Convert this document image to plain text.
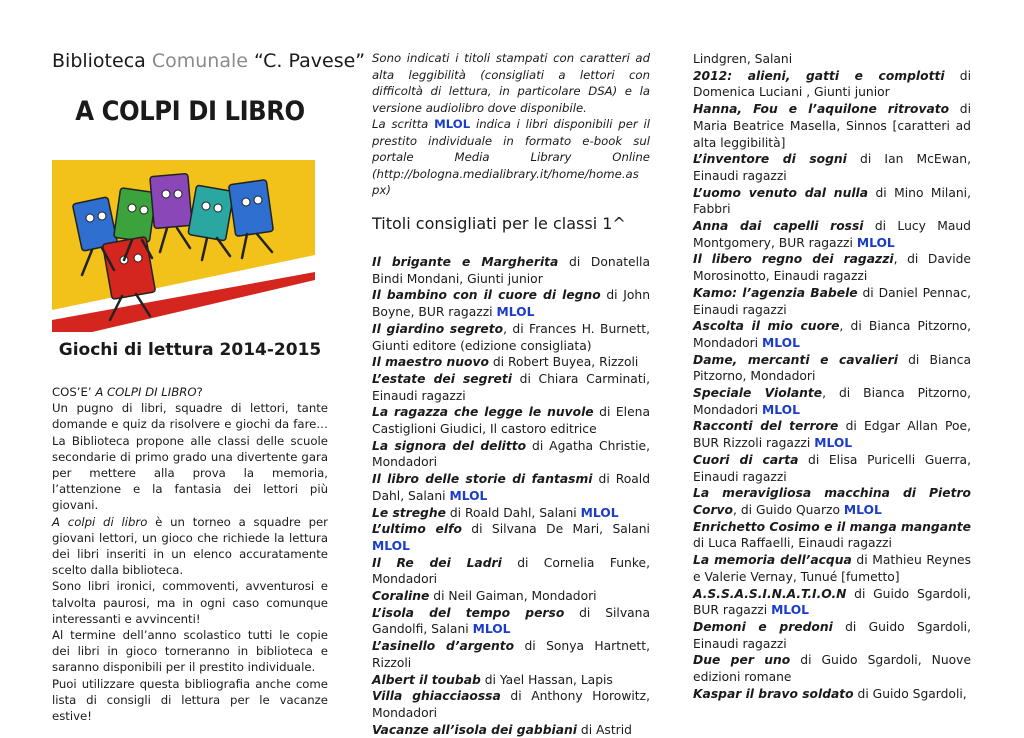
Biblioteca Comunale “C. Pavese”
A COLPI DI LIBRO
Giochi di lettura 2014-2015

COS’E’ A COLPI DI LIBRO?

Un pugno di libri, squadre di lettori, tante domande e quiz da risolvere e giochi da fare… La Biblioteca propone alle classi delle scuole secondarie di primo grado una divertente gara per mettere alla prova la memoria, l’attenzione e la fantasia dei lettori più giovani.

A colpi di libro è un torneo a squadre per giovani lettori, un gioco che richiede la lettura dei libri inseriti in un elenco accuratamente scelto dalla biblioteca.

Sono libri ironici, commoventi, avventurosi e talvolta paurosi, ma in ogni caso comunque interessanti e avvincenti!

Al termine dell’anno scolastico tutti le copie dei libri in gioco torneranno in biblioteca e saranno disponibili per il prestito individuale.

Puoi utilizzare questa bibliografia anche come lista di consigli di lettura per le vacanze estive!

Sono indicati i titoli stampati con caratteri ad alta leggibilità (consigliati a lettori con difficoltà di lettura, in particolare DSA) e la versione audiolibro dove disponibile.
La scritta MLOL indica i libri disponibili per il prestito individuale in formato e-book sul portale Media Library Online (http://bologna.medialibrary.it/home/home.as px)
Titoli consigliati per le classi 1^
Il brigante e Margherita di Donatella Bindi Mondani, Giunti junior
Il bambino con il cuore di legno di John Boyne, BUR ragazzi MLOL
Il giardino segreto, di Frances H. Burnett, Giunti editore (edizione consigliata)
Il maestro nuovo di Robert Buyea, Rizzoli
L’estate dei segreti di Chiara Carminati, Einaudi ragazzi
La ragazza che legge le nuvole di Elena Castiglioni Giudici, Il castoro editrice
La signora del delitto di Agatha Christie, Mondadori
Il libro delle storie di fantasmi di Roald Dahl, Salani MLOL
Le streghe di Roald Dahl, Salani MLOL
L’ultimo elfo di Silvana De Mari, Salani MLOL
Il Re dei Ladri di Cornelia Funke, Mondadori
Coraline di Neil Gaiman, Mondadori
L’isola del tempo perso di Silvana Gandolfi, Salani MLOL
L’asinello d’argento di Sonya Hartnett, Rizzoli
Albert il toubab di Yael Hassan, Lapis
Villa ghiacciaossa di Anthony Horowitz, Mondadori
Vacanze all’isola dei gabbiani di Astrid
Lindgren, Salani
2012: alieni, gatti e complotti di Domenica Luciani , Giunti junior
Hanna, Fou e l’aquilone ritrovato di Maria Beatrice Masella, Sinnos [caratteri ad alta leggibilità]
L’inventore di sogni di Ian McEwan, Einaudi ragazzi
L’uomo venuto dal nulla di Mino Milani, Fabbri
Anna dai capelli rossi di Lucy Maud Montgomery, BUR ragazzi MLOL
Il libero regno dei ragazzi, di Davide Morosinotto, Einaudi ragazzi
Kamo: l’agenzia Babele di Daniel Pennac, Einaudi ragazzi
Ascolta il mio cuore, di Bianca Pitzorno, Mondadori MLOL
Dame, mercanti e cavalieri di Bianca Pitzorno, Mondadori
Speciale Violante, di Bianca Pitzorno, Mondadori MLOL
Racconti del terrore di Edgar Allan Poe, BUR Rizzoli ragazzi MLOL
Cuori di carta di Elisa Puricelli Guerra, Einaudi ragazzi
La meravigliosa macchina di Pietro Corvo, di Guido Quarzo MLOL
Enrichetto Cosimo e il manga mangante di Luca Raffaelli, Einaudi ragazzi
La memoria dell’acqua di Mathieu Reynes e Valerie Vernay, Tunué [fumetto]
A.S.S.A.S.I.N.A.T.I.O.N di Guido Sgardoli, BUR ragazzi MLOL
Demoni e predoni di Guido Sgardoli, Einaudi ragazzi
Due per uno di Guido Sgardoli, Nuove edizioni romane
Kaspar il bravo soldato di Guido Sgardoli,
